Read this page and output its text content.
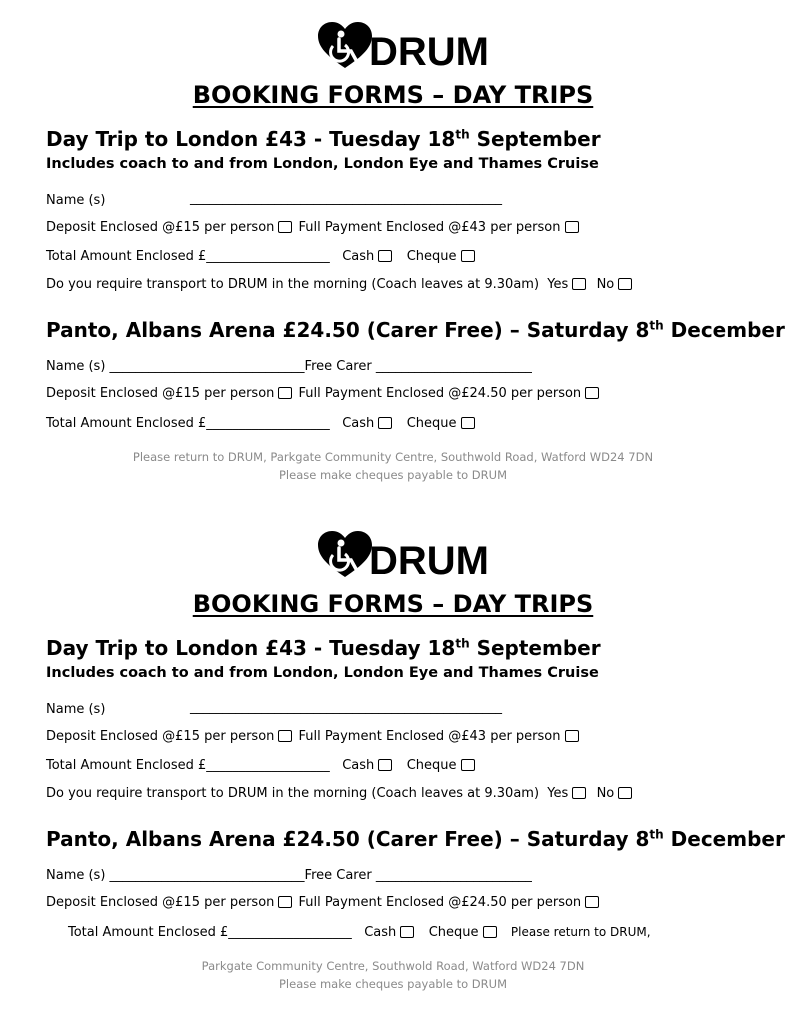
DRUM
BOOKING FORMS – DAY TRIPS
Day Trip to London £43 - Tuesday 18th September
Includes coach to and from London, London Eye and Thames Cruise
Name (s)	________________________________________________
Deposit Enclosed @£15 per person Full Payment Enclosed @£43 per person
Total Amount Enclosed £___________________ Cash Cheque
Do you require transport to DRUM in the morning (Coach leaves at 9.30am) Yes No
Panto, Albans Arena £24.50 (Carer Free) – Saturday 8th December
Name (s) ______________________________Free Carer ________________________
Deposit Enclosed @£15 per person Full Payment Enclosed @£24.50 per person
Total Amount Enclosed £___________________ Cash Cheque
Please return to DRUM, Parkgate Community Centre, Southwold Road, Watford WD24 7DN
Please make cheques payable to DRUM
DRUM
BOOKING FORMS – DAY TRIPS
Day Trip to London £43 - Tuesday 18th September
Includes coach to and from London, London Eye and Thames Cruise
Name (s)	________________________________________________
Deposit Enclosed @£15 per person Full Payment Enclosed @£43 per person
Total Amount Enclosed £___________________ Cash Cheque
Do you require transport to DRUM in the morning (Coach leaves at 9.30am) Yes No
Panto, Albans Arena £24.50 (Carer Free) – Saturday 8th December
Name (s) ______________________________Free Carer ________________________
Deposit Enclosed @£15 per person Full Payment Enclosed @£24.50 per person
Total Amount Enclosed £___________________ Cash Cheque	Please return to DRUM,
Parkgate Community Centre, Southwold Road, Watford WD24 7DN
Please make cheques payable to DRUM
